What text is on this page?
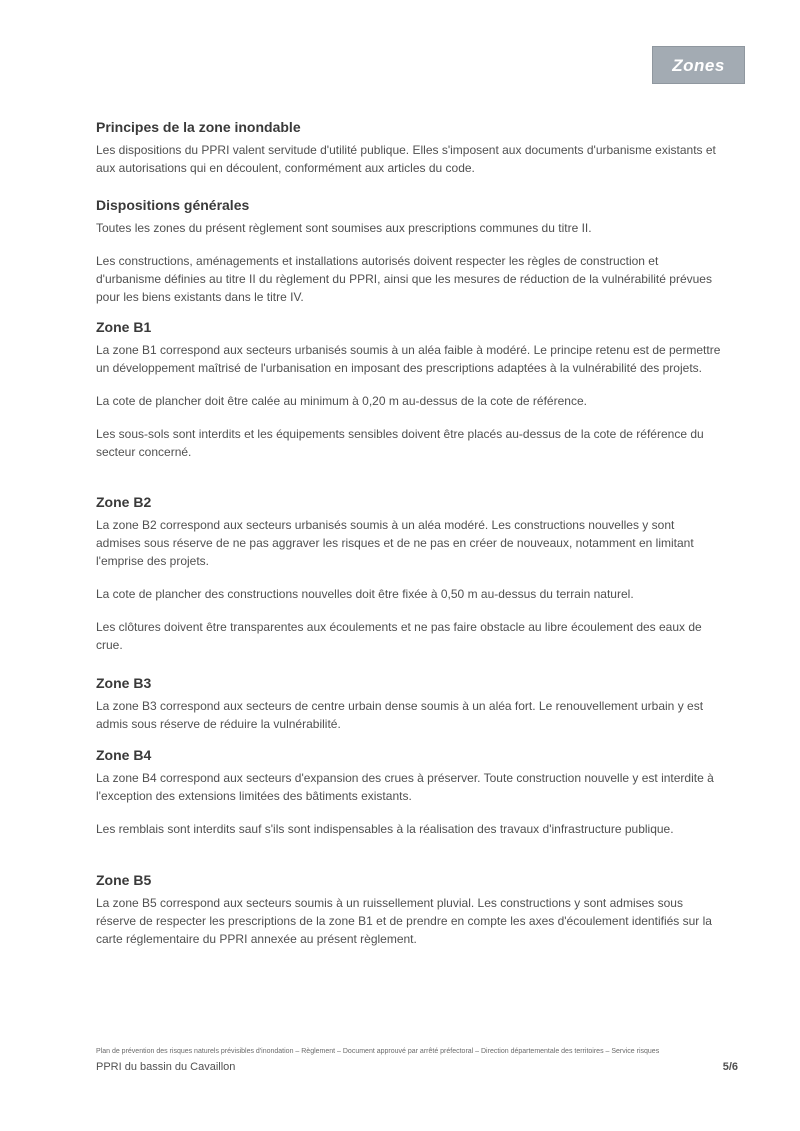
Zones
Principes de la zone inondable

Les dispositions du PPRI valent servitude d'utilité publique. Elles s'imposent aux documents d'urbanisme existants et aux autorisations qui en découlent, conformément aux articles du code.

Dispositions générales

Toutes les zones du présent règlement sont soumises aux prescriptions communes du titre II.

Les constructions, aménagements et installations autorisés doivent respecter les règles de construction et d'urbanisme définies au titre II du règlement du PPRI, ainsi que les mesures de réduction de la vulnérabilité prévues pour les biens existants dans le titre IV.

Zone B1

La zone B1 correspond aux secteurs urbanisés soumis à un aléa faible à modéré. Le principe retenu est de permettre un développement maîtrisé de l'urbanisation en imposant des prescriptions adaptées à la vulnérabilité des projets.

La cote de plancher doit être calée au minimum à 0,20 m au-dessus de la cote de référence.

Les sous-sols sont interdits et les équipements sensibles doivent être placés au-dessus de la cote de référence du secteur concerné.

Zone B2

La zone B2 correspond aux secteurs urbanisés soumis à un aléa modéré. Les constructions nouvelles y sont admises sous réserve de ne pas aggraver les risques et de ne pas en créer de nouveaux, notamment en limitant l'emprise des projets.

La cote de plancher des constructions nouvelles doit être fixée à 0,50 m au-dessus du terrain naturel.

Les clôtures doivent être transparentes aux écoulements et ne pas faire obstacle au libre écoulement des eaux de crue.

Zone B3

La zone B3 correspond aux secteurs de centre urbain dense soumis à un aléa fort. Le renouvellement urbain y est admis sous réserve de réduire la vulnérabilité.

Zone B4

La zone B4 correspond aux secteurs d'expansion des crues à préserver. Toute construction nouvelle y est interdite à l'exception des extensions limitées des bâtiments existants.

Les remblais sont interdits sauf s'ils sont indispensables à la réalisation des travaux d'infrastructure publique.

Zone B5

La zone B5 correspond aux secteurs soumis à un ruissellement pluvial. Les constructions y sont admises sous réserve de respecter les prescriptions de la zone B1 et de prendre en compte les axes d'écoulement identifiés sur la carte réglementaire du PPRI annexée au présent règlement.

Plan de prévention des risques naturels prévisibles d'inondation – Règlement – Document approuvé par arrêté préfectoral – Direction départementale des territoires – Service risques
PPRI du bassin du Cavaillon	5/6
